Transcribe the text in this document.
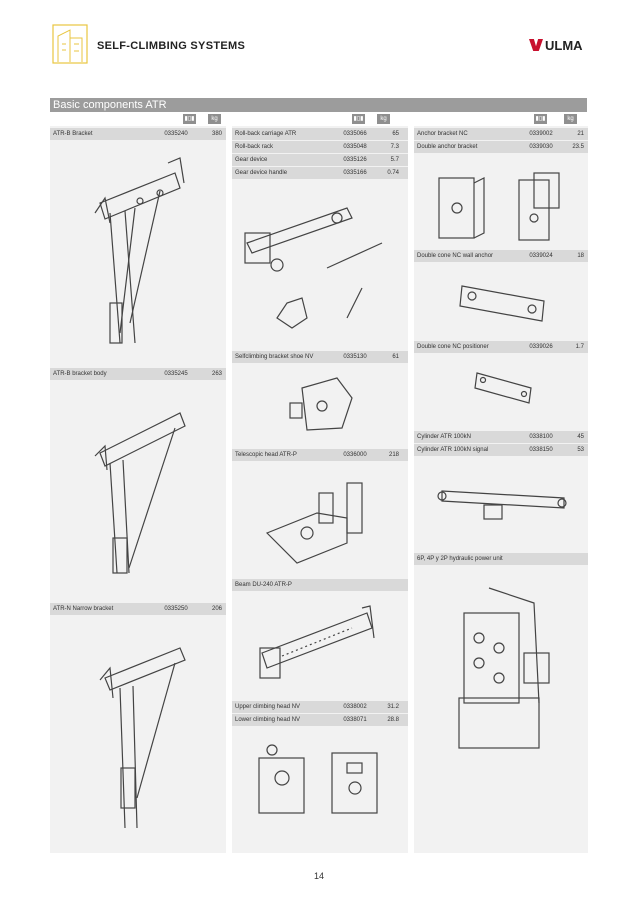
SELF-CLIMBING SYSTEMS	ULMA
Basic components ATR
▮▯▮	kg
ATR-B Bracket	0335240	380
ATR-B bracket body	0335245	263
ATR-N Narrow bracket	0335250	206
▮▯▮	kg
Roll-back carriage ATR	0335066	65
Roll-back rack	0335048	7.3
Gear device	0335126	5.7
Gear device handle	0335166	0.74
Selfclimbing bracket shoe NV	0335130	61
Telescopic head ATR-P	0336000	218
Beam DU-240 ATR-P
Upper climbing head NV	0338002	31.2
Lower climbing head NV	0338071	28.8
▮▯▮	kg
Anchor bracket NC	0339002	21
Double anchor bracket	0339030	23.5
Double cone NC wall anchor	0339024	18
Double cone NC positioner	0339026	1.7
Cylinder ATR 100kN	0338100	45
Cylinder ATR 100kN signal	0338150	53
6P, 4P y 2P hydraulic power unit
14
